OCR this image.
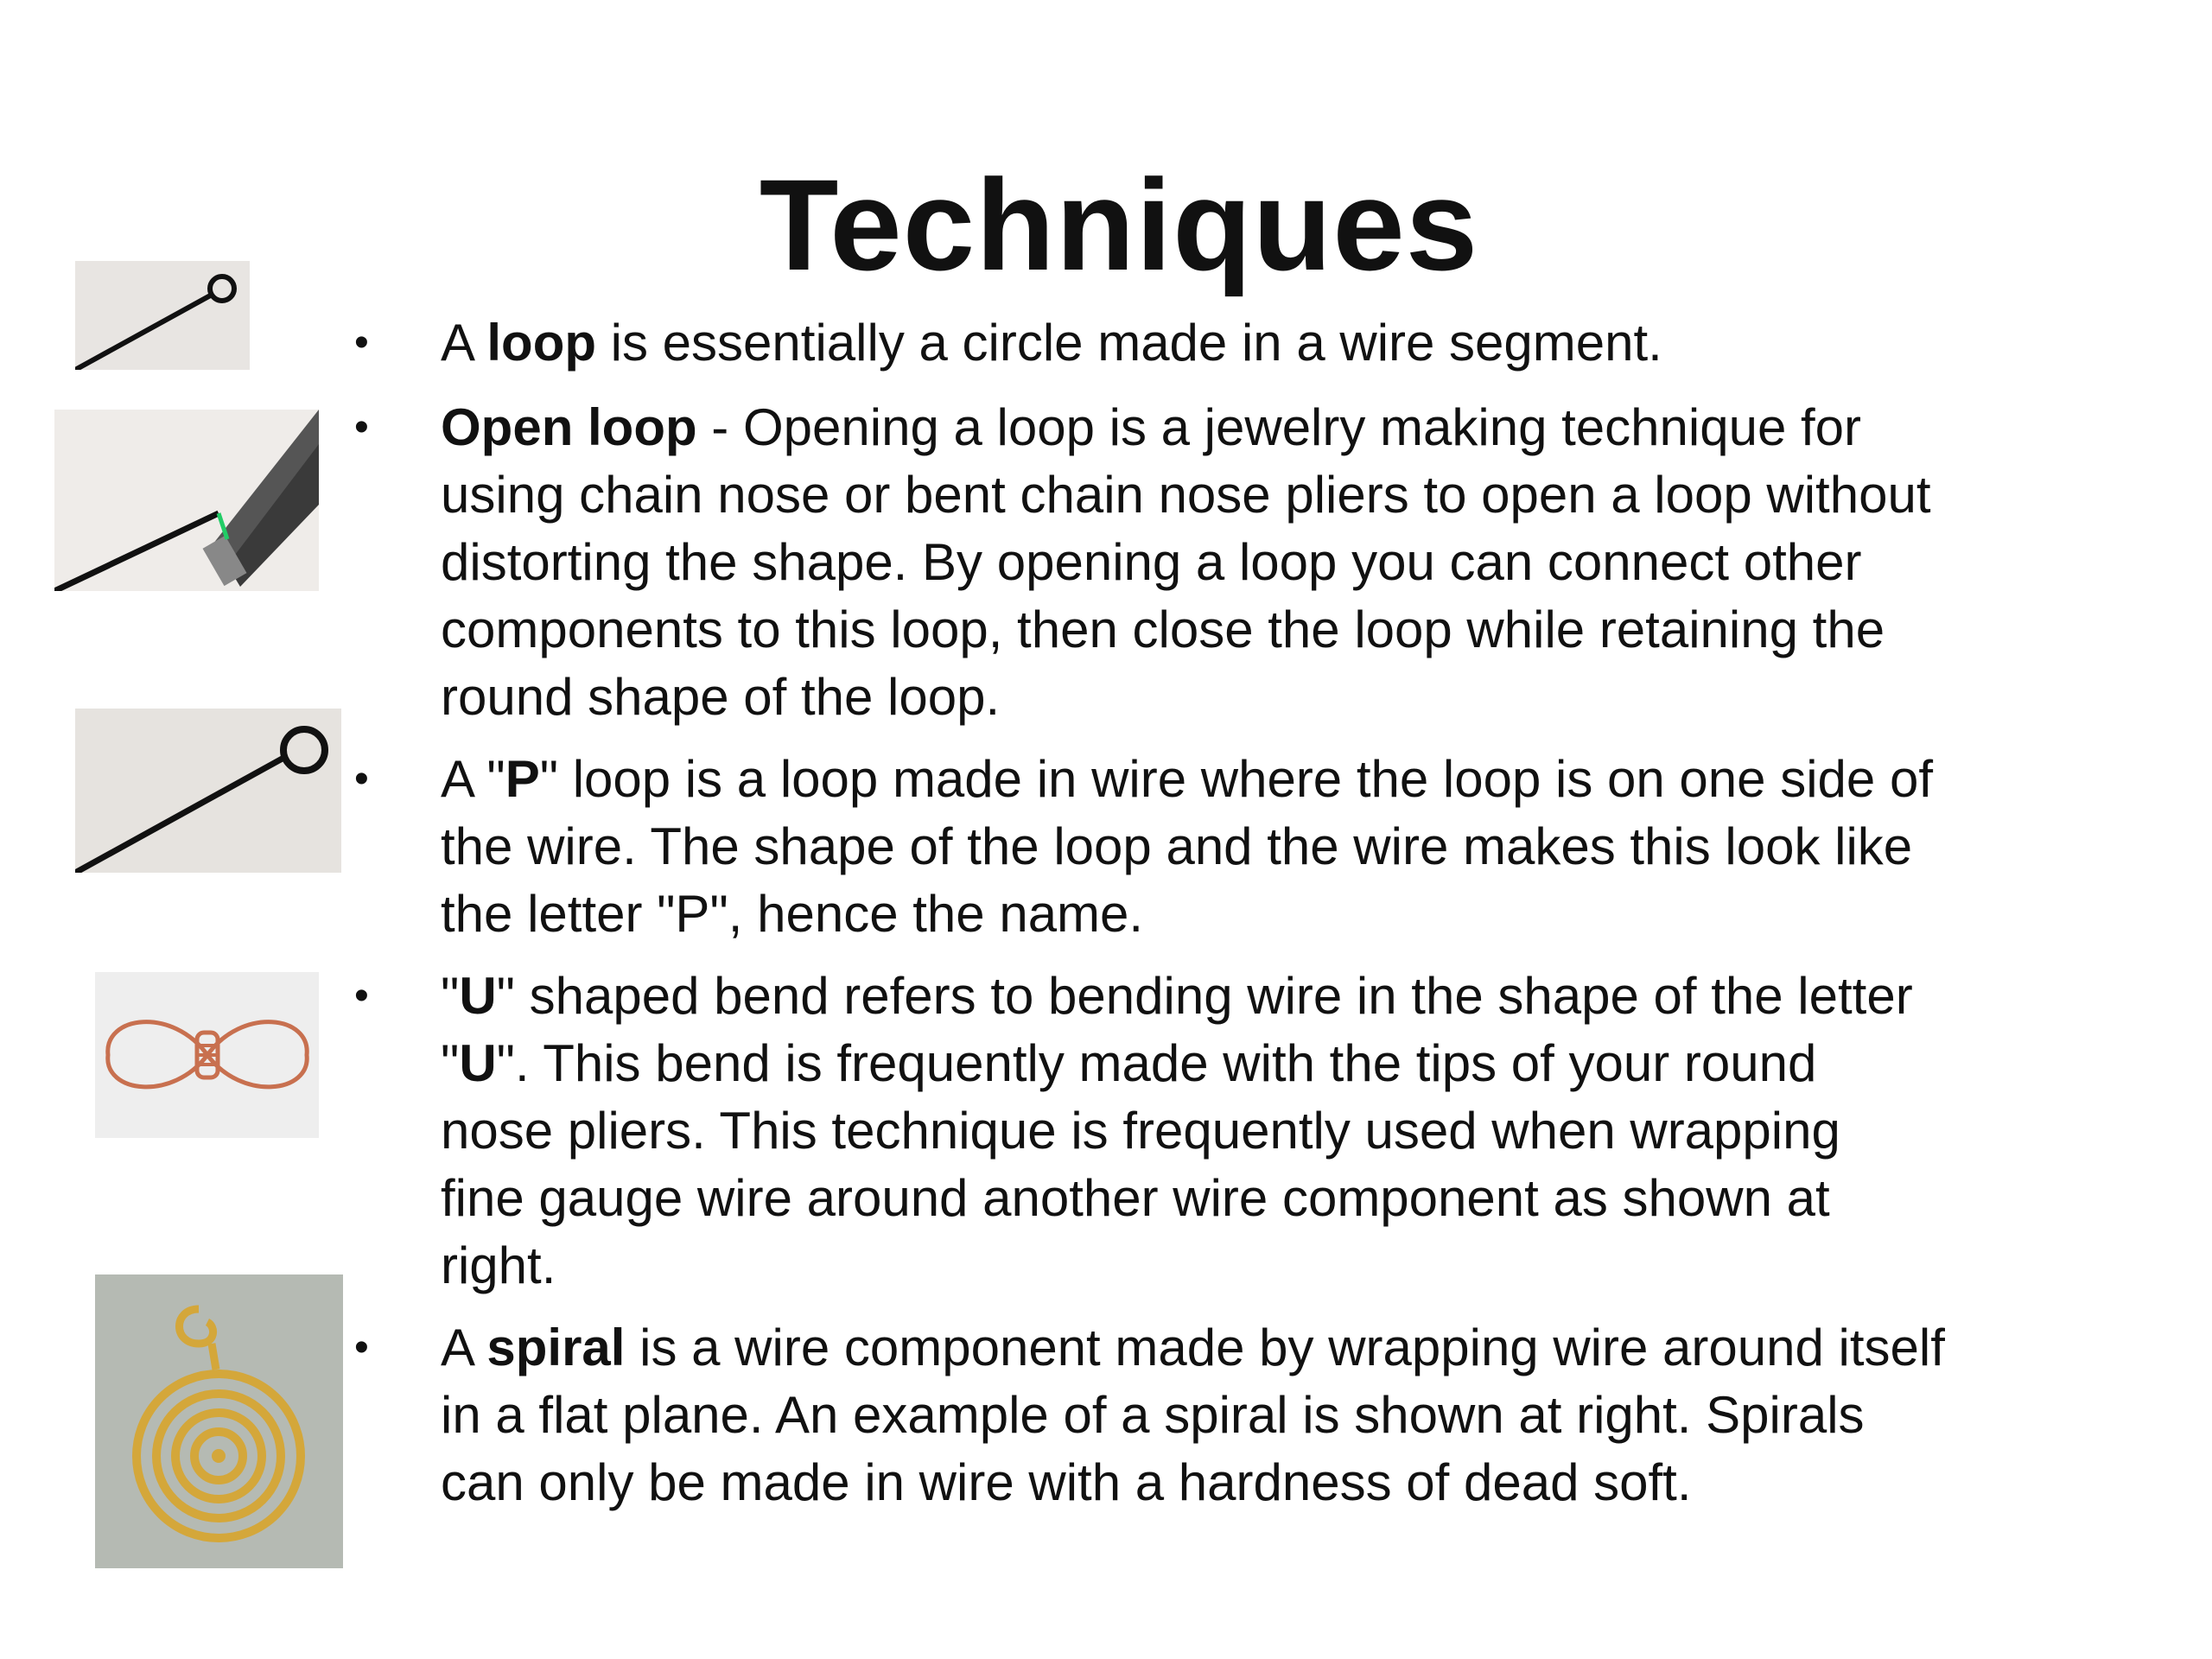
Techniques
•	A loop is essentially a circle made in a wire segment.
•	Open loop - Opening a loop is a jewelry making technique for
using chain nose or bent chain nose pliers to open a loop without
distorting the shape. By opening a loop you can connect other
components to this loop, then close the loop while retaining the
round shape of the loop.
•	A "P" loop is a loop made in wire where the loop is on one side of
the wire. The shape of the loop and the wire makes this look like
the letter "P", hence the name.
•	"U" shaped bend refers to bending wire in the shape of the letter
"U". This bend is frequently made with the tips of your round
nose pliers. This technique is frequently used when wrapping
fine gauge wire around another wire component as shown at
right.
•	A spiral is a wire component made by wrapping wire around itself
in a flat plane. An example of a spiral is shown at right. Spirals
can only be made in wire with a hardness of dead soft.
